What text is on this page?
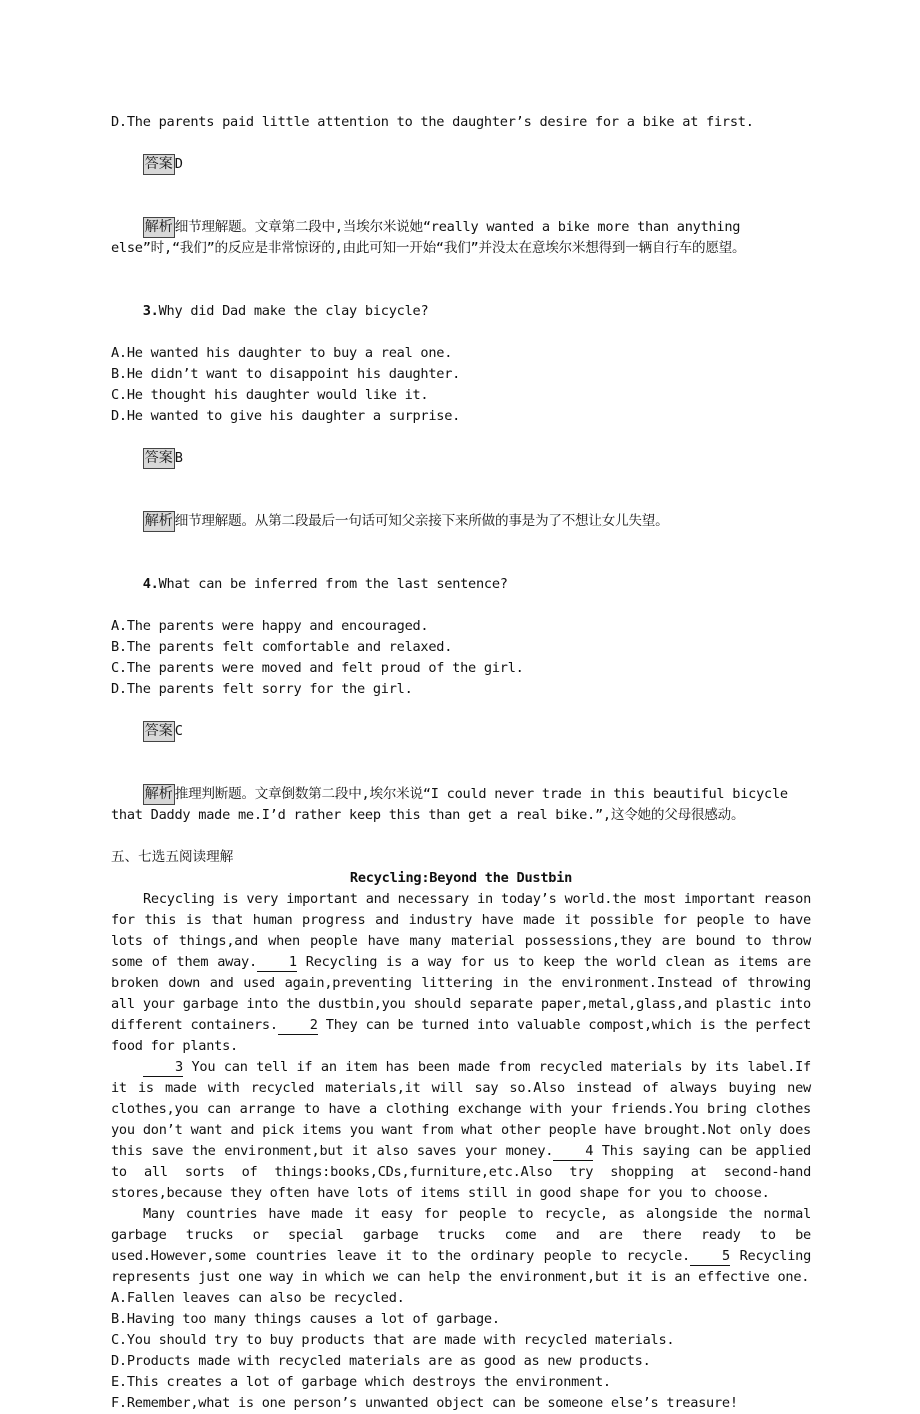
D.The parents paid little attention to the daughter’s desire for a bike at first.

答案 D

解析 细节理解题。文章第二段中,当埃尔米说她“really wanted a bike more than anything else”时,“我们”的反应是非常惊讶的,由此可知一开始“我们”并没太在意埃尔米想得到一辆自行车的愿望。

3.Why did Dad make the clay bicycle?

A.He wanted his daughter to buy a real one.
B.He didn’t want to disappoint his daughter.
C.He thought his daughter would like it.
D.He wanted to give his daughter a surprise.

答案 B

解析 细节理解题。从第二段最后一句话可知父亲接下来所做的事是为了不想让女儿失望。

4.What can be inferred from the last sentence?

A.The parents were happy and encouraged.
B.The parents felt comfortable and relaxed.
C.The parents were moved and felt proud of the girl.
D.The parents felt sorry for the girl.

答案 C

解析 推理判断题。文章倒数第二段中,埃尔米说“I could never trade in this beautiful bicycle that Daddy made me.I’d rather keep this than get a real bike.”,这令她的父母很感动。

五、七选五阅读理解
Recycling:Beyond the Dustbin
Recycling is very important and necessary in today’s world.the most important reason for this is that human progress and industry have made it possible for people to have lots of things,and when people have many material possessions,they are bound to throw some of them away. 1 Recycling is a way for us to keep the world clean as items are broken down and used again,preventing littering in the environment.Instead of throwing all your garbage into the dustbin,you should separate paper,metal,glass,and plastic into different containers. 2 They can be turned into valuable compost,which is the perfect food for plants.
3 You can tell if an item has been made from recycled materials by its label.If it is made with recycled materials,it will say so.Also instead of always buying new clothes,you can arrange to have a clothing exchange with your friends.You bring clothes you don’t want and pick items you want from what other people have brought.Not only does this save the environment,but it also saves your money. 4 This saying can be applied to all sorts of things:books,CDs,furniture,etc.Also try shopping at second-hand stores,because they often have lots of items still in good shape for you to choose.
Many countries have made it easy for people to recycle, as alongside the normal garbage trucks or special garbage trucks come and are there ready to be used.However,some countries leave it to the ordinary people to recycle. 5 Recycling represents just one way in which we can help the environment,but it is an effective one.
A.Fallen leaves can also be recycled.
B.Having too many things causes a lot of garbage.
C.You should try to buy products that are made with recycled materials.
D.Products made with recycled materials are as good as new products.
E.This creates a lot of garbage which destroys the environment.
F.Remember,what is one person’s unwanted object can be someone else’s treasure!
